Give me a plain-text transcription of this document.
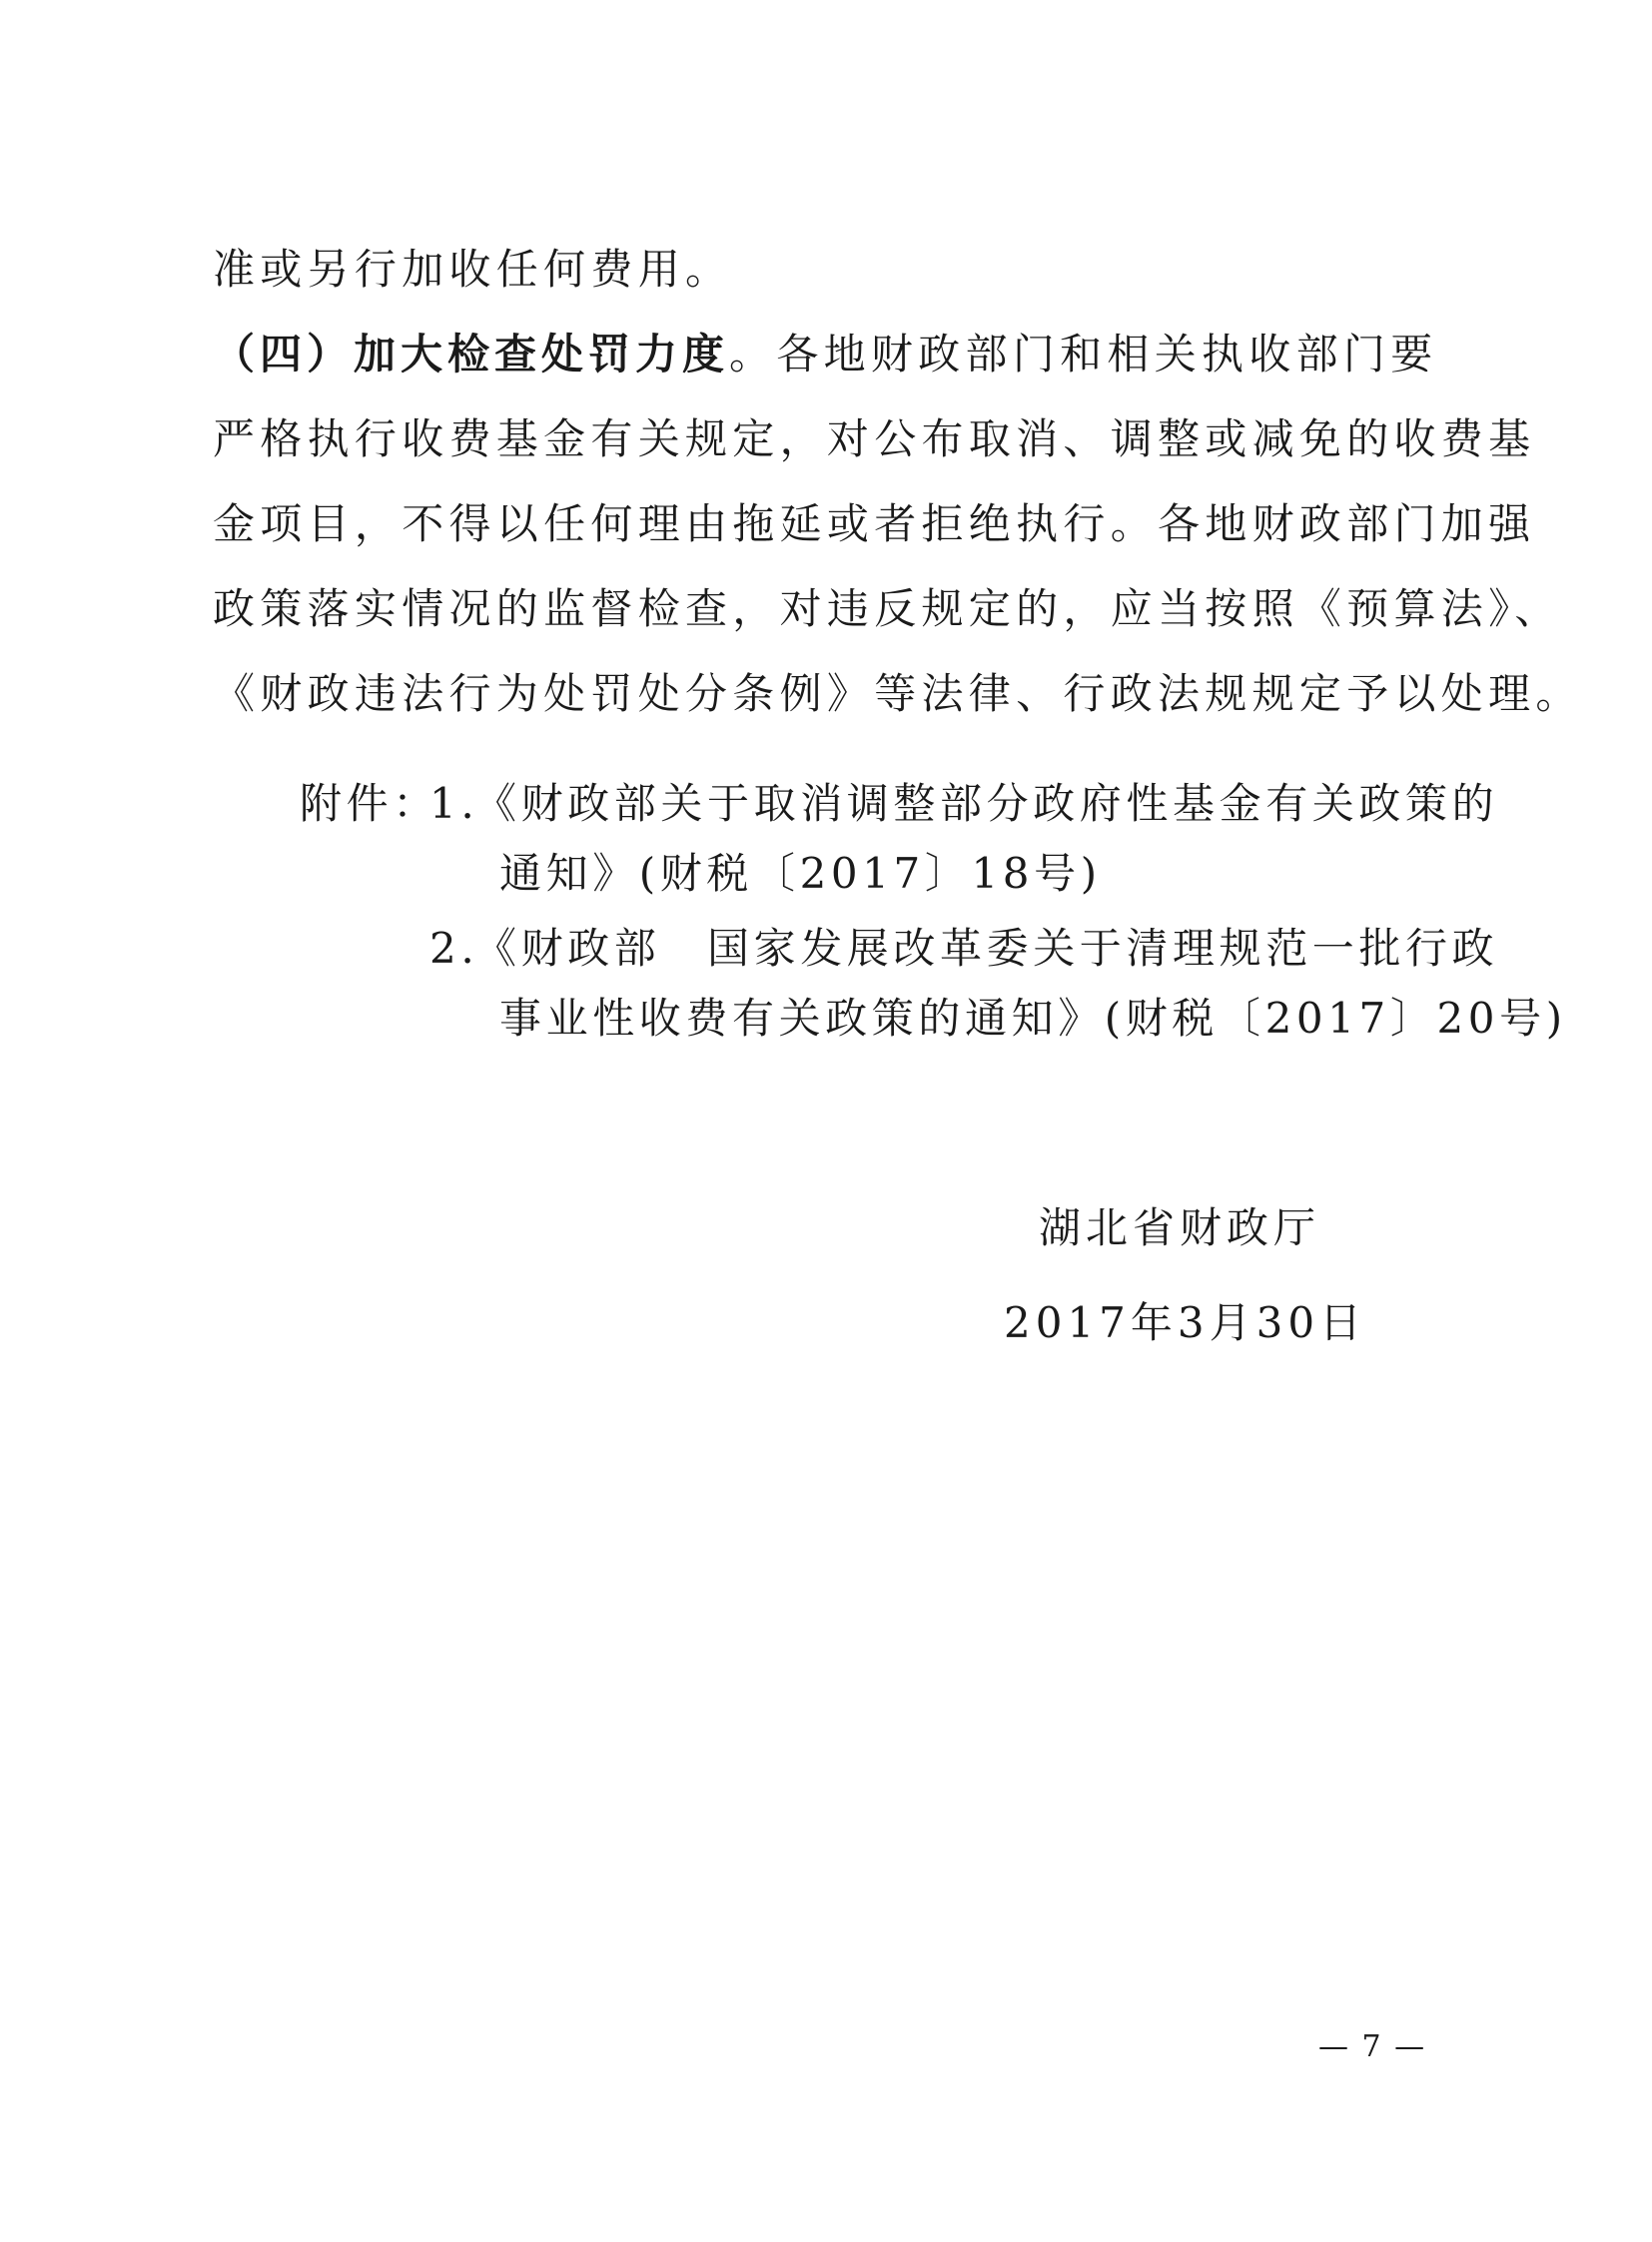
准或另行加收任何费用。
（四）加大检查处罚力度。各地财政部门和相关执收部门要
严格执行收费基金有关规定，对公布取消、调整或减免的收费基
金项目，不得以任何理由拖延或者拒绝执行。各地财政部门加强
政策落实情况的监督检查，对违反规定的，应当按照《预算法》、
《财政违法行为处罚处分条例》等法律、行政法规规定予以处理。
附件：
1.
《财政部关于取消调整部分政府性基金有关政策的
通知》(财税〔2017〕18号)
2.
《财政部　国家发展改革委关于清理规范一批行政
事业性收费有关政策的通知》(财税〔2017〕20号)
湖北省财政厅
2017年3月30日
— 7 —
